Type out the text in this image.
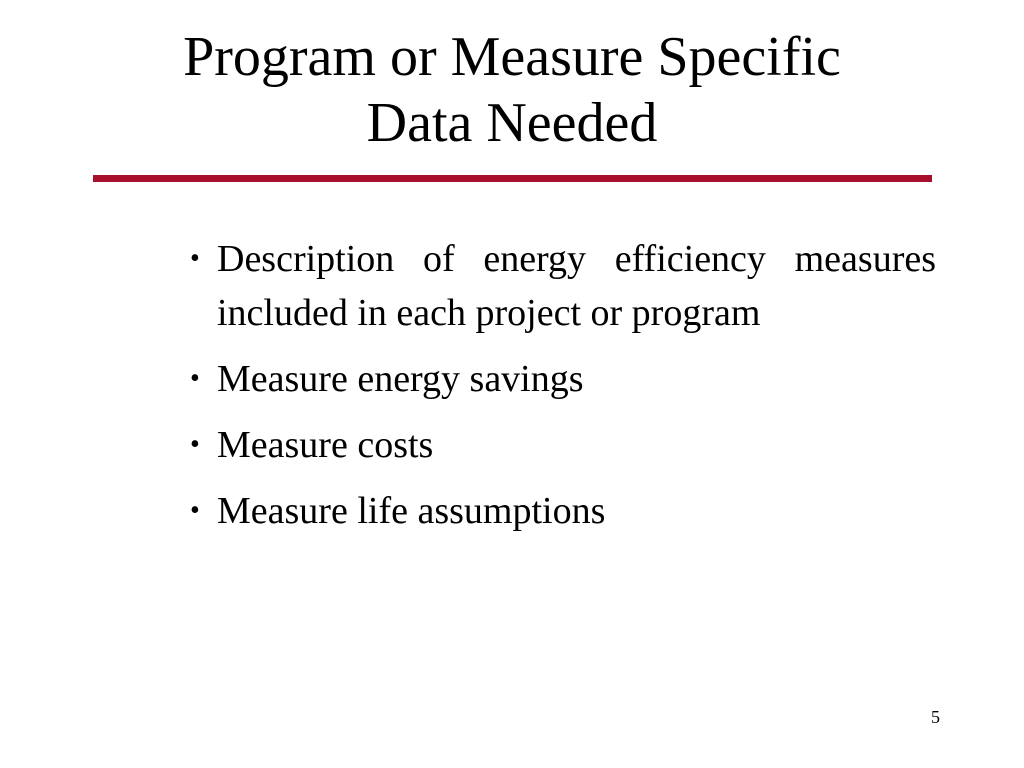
Program or Measure Specific
Data Needed
• Description of energy efficiency measures included in each project or program
• Measure energy savings
• Measure costs
• Measure life assumptions
5
